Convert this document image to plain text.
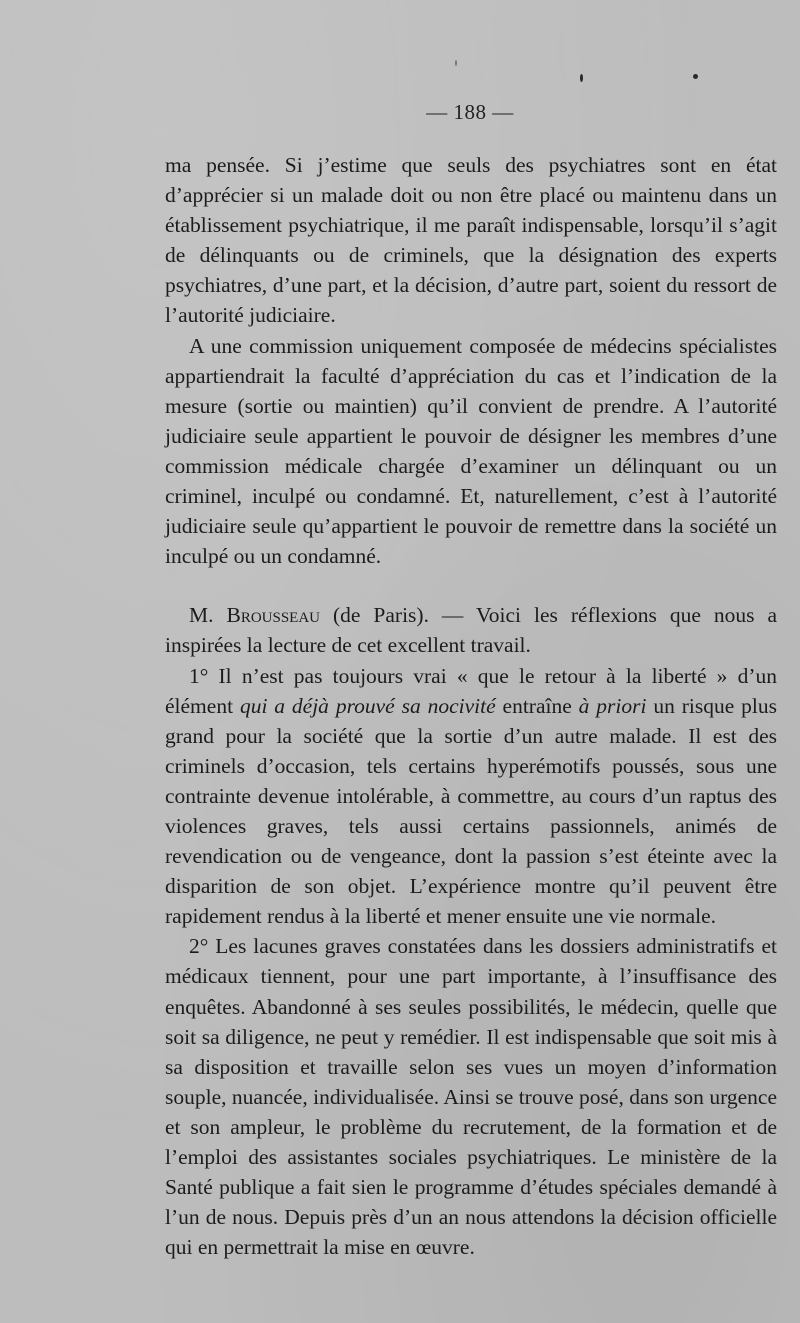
— 188 —

ma pensée. Si j’estime que seuls des psychiatres sont en état d’apprécier si un malade doit ou non être placé ou maintenu dans un établissement psychiatrique, il me paraît indispensable, lorsqu’il s’agit de délinquants ou de criminels, que la désignation des experts psychiatres, d’une part, et la décision, d’autre part, soient du ressort de l’autorité judiciaire.

A une commission uniquement composée de médecins spécialistes appartiendrait la faculté d’appréciation du cas et l’indication de la mesure (sortie ou maintien) qu’il convient de prendre. A l’autorité judiciaire seule appartient le pouvoir de désigner les membres d’une commission médicale chargée d’examiner un délinquant ou un criminel, inculpé ou condamné. Et, naturellement, c’est à l’autorité judiciaire seule qu’appartient le pouvoir de remettre dans la société un inculpé ou un condamné.

M. Brousseau (de Paris). — Voici les réflexions que nous a inspirées la lecture de cet excellent travail.

1° Il n’est pas toujours vrai « que le retour à la liberté » d’un élément qui a déjà prouvé sa nocivité entraîne à priori un risque plus grand pour la société que la sortie d’un autre malade. Il est des criminels d’occasion, tels certains hyperémotifs poussés, sous une contrainte devenue intolérable, à commettre, au cours d’un raptus des violences graves, tels aussi certains passionnels, animés de revendication ou de vengeance, dont la passion s’est éteinte avec la disparition de son objet. L’expérience montre qu’il peuvent être rapidement rendus à la liberté et mener ensuite une vie normale.

2° Les lacunes graves constatées dans les dossiers administratifs et médicaux tiennent, pour une part importante, à l’insuffisance des enquêtes. Abandonné à ses seules possibilités, le médecin, quelle que soit sa diligence, ne peut y remédier. Il est indispensable que soit mis à sa disposition et travaille selon ses vues un moyen d’information souple, nuancée, individualisée. Ainsi se trouve posé, dans son urgence et son ampleur, le problème du recrutement, de la formation et de l’emploi des assistantes sociales psychiatriques. Le ministère de la Santé publique a fait sien le programme d’études spéciales demandé à l’un de nous. Depuis près d’un an nous attendons la décision officielle qui en permettrait la mise en œuvre.
